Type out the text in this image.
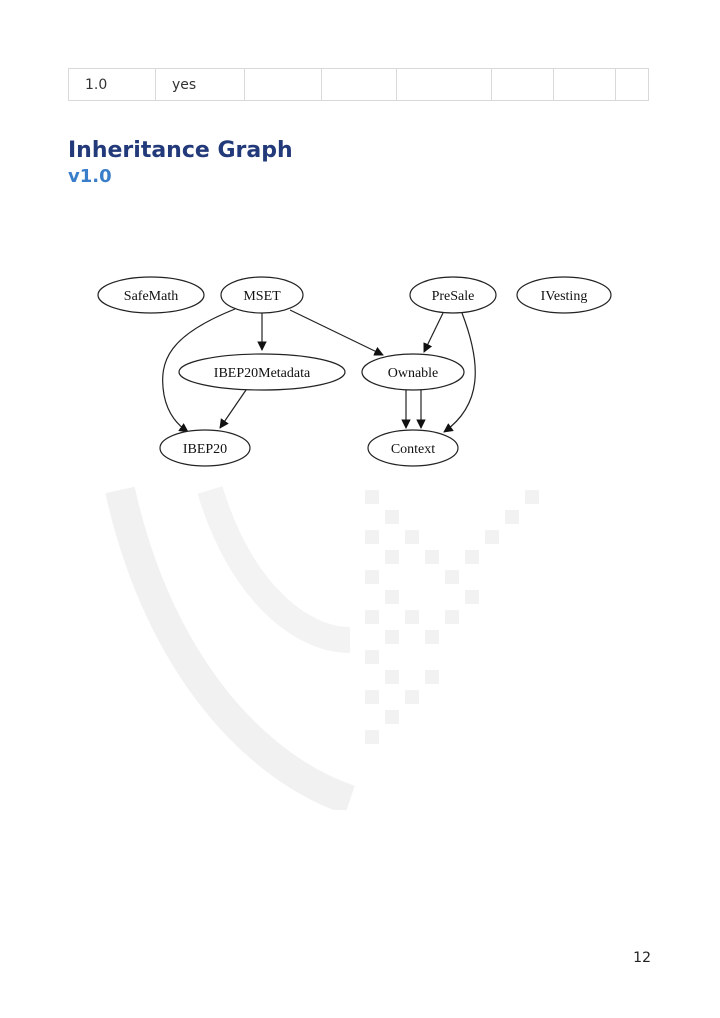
1.0	yes						
Inheritance Graph
v1.0
SafeMath	MSET	PreSale	IVesting
IBEP20Metadata	Ownable
IBEP20	Context
12
